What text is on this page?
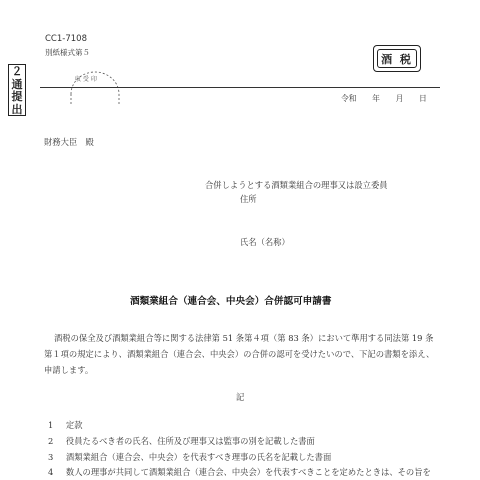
CC1-7108
別紙様式第５
２
通
提
出
収 受 印
酒 税
令和　　年　　月　　日
財務大臣　殿
合併しようとする酒類業組合の理事又は設立委員
住所
氏名（名称）
酒類業組合（連合会、中央会）合併認可申請書
酒税の保全及び酒類業組合等に関する法律第 51 条第４項（第 83 条）において準用する同法第 19 条
第１項の規定により、酒類業組合（連合会、中央会）の合併の認可を受けたいので、下記の書類を添え、
申請します。
記
1 定款
2 役員たるべき者の氏名、住所及び理事又は監事の別を記載した書面
3 酒類業組合（連合会、中央会）を代表すべき理事の氏名を記載した書面
4 数人の理事が共同して酒類業組合（連合会、中央会）を代表すべきことを定めたときは、その旨を
